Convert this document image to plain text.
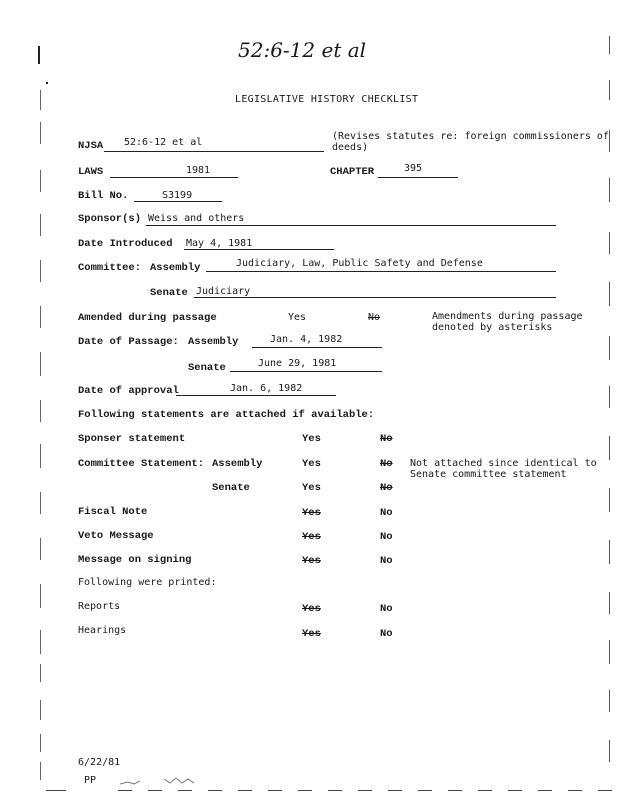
52:6-12 et al
LEGISLATIVE HISTORY CHECKLIST
NJSA 52:6-12 et al
(Revises statutes re: foreign commissioners of deeds)
LAWS	1981	CHAPTER	395
Bill No.	S3199
Sponsor(s) Weiss and others
Date Introduced May 4, 1981
Committee: Assembly	Judiciary, Law, Public Safety and Defense
Senate Judiciary
Amended during passage	Yes	No	Amendments during passage denoted by asterisks
Date of Passage: Assembly	Jan. 4, 1982
Senate	June 29, 1981
Date of approval	Jan. 6, 1982
Following statements are attached if available:
Sponser statement	Yes	No
Committee Statement: Assembly	Yes	No Not attached since identical to Senate committee statement
Senate	Yes	No
Fiscal Note	Yes	No
Veto Message	Yes	No
Message on signing	Yes	No
Following were printed:
Reports	Yes	No
Hearings	Yes	No
6/22/81
PP
